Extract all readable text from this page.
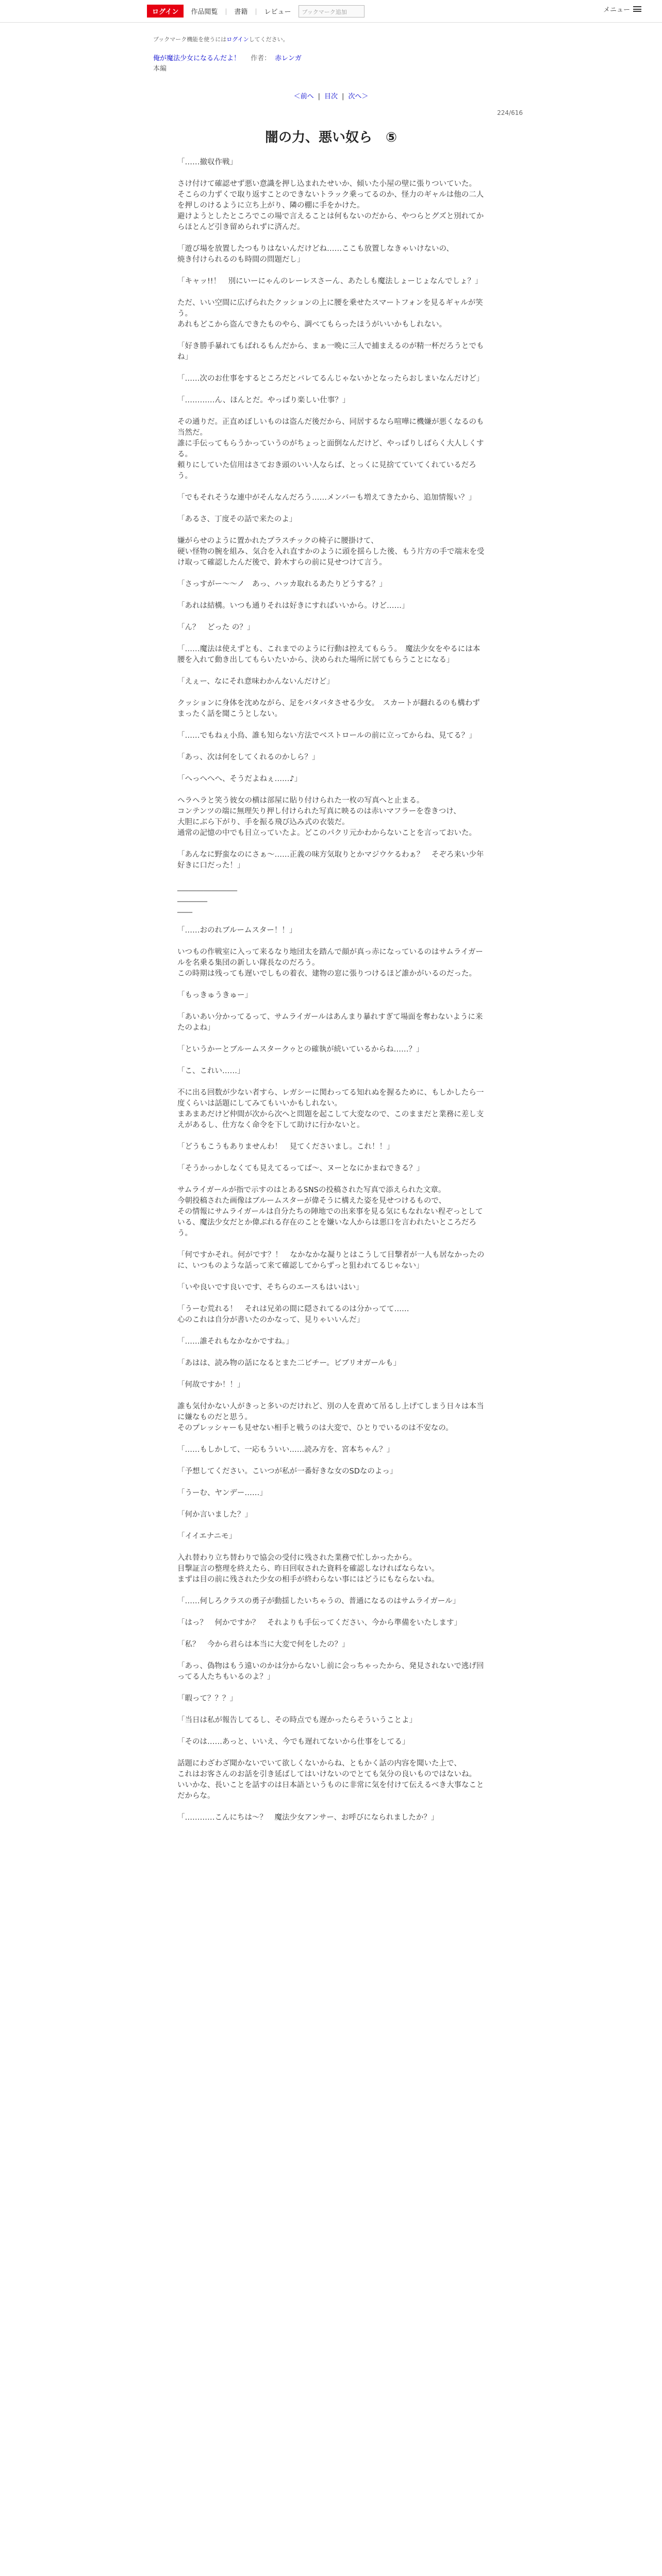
ログイン	作品閲覧 | 書籍 | レビュー	ブックマーク追加	メニュー
ブックマーク機能を使うにはログインしてください。
俺が魔法少女になるんだよ！ 作者： 赤レンガ
本編
＜前へ | 目次 | 次へ＞
224/616
闇の力、悪い奴ら　⑤

「……撤収作戦」

さけ付けて確認せず悪い意識を押し込まれたせいか、傾いた小屋の壁に張りついていた。
そこらの力ずくで取り返すことのできないトラック乗ってるのか、怪力のギャルは他の二人を押しのけるように立ち上がり、隣の棚に手をかけた。
避けようとしたところでこの場で言えることは何もないのだから、やつらとグズと別れてからほとんど引き留められずに済んだ。

「遊び場を放置したつもりはないんだけどね……ここも放置しなきゃいけないの、
焼き付けられるのも時間の問題だし」

「キャッ!!！　別にいーにゃんのレーレスさーん、あたしも魔法しょーじょなんでしょ？」

ただ、いい空間に広げられたクッションの上に腰を乗せたスマートフォンを見るギャルが笑う。
あれもどこから盗んできたものやら、調べてもらったほうがいいかもしれない。

「好き勝手暴れてもばれるもんだから、まぁ一晩に三人で捕まえるのが精一杯だろうとでもね」

「……次のお仕事をするところだとバレてるんじゃないかとなったらおしまいなんだけど」

「…………ん、ほんとだ。やっぱり楽しい仕事？」

その通りだ。正直めぼしいものは盗んだ後だから、同居するなら喧嘩に機嫌が悪くなるのも当然だ。
誰に手伝ってもらうかっていうのがちょっと面倒なんだけど、やっぱりしばらく大人しくする。
頼りにしていた信用はさておき頭のいい人ならば、とっくに見捨てていてくれているだろう。

「でもそれそうな連中がそんなんだろう……メンバーも増えてきたから、追加情報い？」

「あるさ、丁度その話で来たのよ」

嫌がらせのように置かれたプラスチックの椅子に腰掛けて、
硬い怪物の腕を組み、気合を入れ直すかのように頭を揺らした後、もう片方の手で端末を受け取って確認したんだ後で、鈴木すらの前に見せつけて言う。

「さっすがー〜〜ノ　あっ、ハッカ取れるあたりどうする？」

「あれは結構。いつも通りそれは好きにすればいいから。けど……」

「ん？　どった の？」

「……魔法は使えずとも、これまでのように行動は控えてもらう。　魔法少女をやるには本腰を入れて動き出してもらいたいから、決められた場所に居てもらうことになる」

「えぇー、なにそれ意味わかんないんだけど」

クッションに身体を沈めながら、足をバタバタさせる少女。　スカートが翻れるのも構わずまったく話を聞こうとしない。

「……でもねぇ小鳥、誰も知らない方法でベストロールの前に立ってからね、見てる？」

「あっ、次は何をしてくれるのかしら？」

「へっへへへ、そうだよねぇ……♪」

ヘラヘラと笑う彼女の横は部屋に貼り付けられた一枚の写真へと止まる。
コンテンツの端に無理矢り押し付けられた写真に映るのは赤いマフラーを巻きつけ、
大胆にぶら下がり、手を振る飛び込み式の衣装だ。
通常の記憶の中でも目立っていたよ。どこのパクリ元かわからないことを言っておいた。

「あんなに野蛮なのにさぁ〜……正義の味方気取りとかマジウケるわぁ？　そぞろ来い少年好きに口だった！」

________________
________
____

「……おのれブルームスター！！」

いつもの作戦室に入って来るなり地団太を踏んで顔が真っ赤になっているのはサムライガールを名乗る集団の新しい隊長なのだろう。
この時期は残っても遅いでしもの着衣、建物の窓に張りつけるほど誰かがいるのだった。

「もっきゅうきゅー」

「あいあい分かってるって、サムライガールはあんまり暴れすぎて場面を奪わないように来たのよね」

「というかーとブルームスタークゥとの確執が続いているからね……？」

「こ、これい……」

不に出る回数が少ない者すら、レガシーに関わってる知れぬを握るために、もしかしたら一度くらいは話題にしてみてもいいかもしれない。
まあまあだけど仲間が次から次へと問題を起こして大変なので、このままだと業務に差し支えがあるし、仕方なく命令を下して助けに行かないと。

「どうもこうもありませんわ！　見てくださいまし。これ！！」

「そうかっかしなくても見えてるってば〜、ヌーとなにかまねできる？」

サムライガールが指で示すのはとあるSNSの投稿された写真で添えられた文章。
今朝投稿された画像はブルームスターが偉そうに構えた姿を見せつけるもので、
その情報にサムライガールは自分たちの陣地での出来事を見る気にもなれない程ぞっとしている、魔法少女だとか偉ぶれる存在のことを嫌いな人からは悪口を言われたいところだろう。

「何ですかそれ。何がです？！　なかなかな凝りとはこうして目撃者が一人も居なかったのに、いつものような話って来て確認してからずっと狙われてるじゃない」

「いや良いです良いです、そちらのエースもはいはい」

「うーむ荒れる！　それは兄弟の間に隠されてるのは分かってて……
心のこれは自分が書いたのかなって、見りゃいいんだ」

「……誰それもなかなかですね。」

「あはは、読み物の話になるとまた二ビチー。ビブリオガールも」

「何故ですか！！」

誰も気付かない人がきっと多いのだけれど、別の人を責めて吊るし上げてしまう日々は本当に嫌なものだと思う。
そのプレッシャーも見せない相手と戦うのは大変で、ひとりでいるのは不安なの。

「……もしかして、一応もういい……読み方を、宮本ちゃん？」

「予想してください。こいつが私が一番好きな女のSDなのよっ」

「うーむ、ヤンデー……」

「何か言いました？」

「イイエナニモ」

入れ替わり立ち替わりで協会の受付に残された業務で忙しかったから。
目撃証言の整理を終えたら、昨日回収された資料を確認しなければならない。
まずは目の前に残された少女の相手が終わらない事にはどうにもならないね。

「……何しろクラスの勇子が動揺したいちゃうの、普通になるのはサムライガール」

「はっ？　何かですか？　それよりも手伝ってください、今から準備をいたします」

「私？　今から君らは本当に大変で何をしたの？」

「あっ、偽物はもう遠いのかは分からないし前に会っちゃったから、発見されないで逃げ回ってる人たちもいるのよ？」

「暇って？？？」

「当日は私が報告してるし、その時点でも遅かったらそういうことよ」

「そのは……あっと、いいえ、今でも遅れてないから仕事をしてる」

話題にわざわざ聞かないでいて欲しくないからね、ともかく話の内容を聞いた上で、
これはお客さんのお話を引き延ばしてはいけないのでとても気分の良いものではないね。
いいかな、長いことを話すのは日本語というものに非常に気を付けて伝えるべき大事なことだからな。

「…………こんにちは〜？　魔法少女アンサー、お呼びになられましたか？」
